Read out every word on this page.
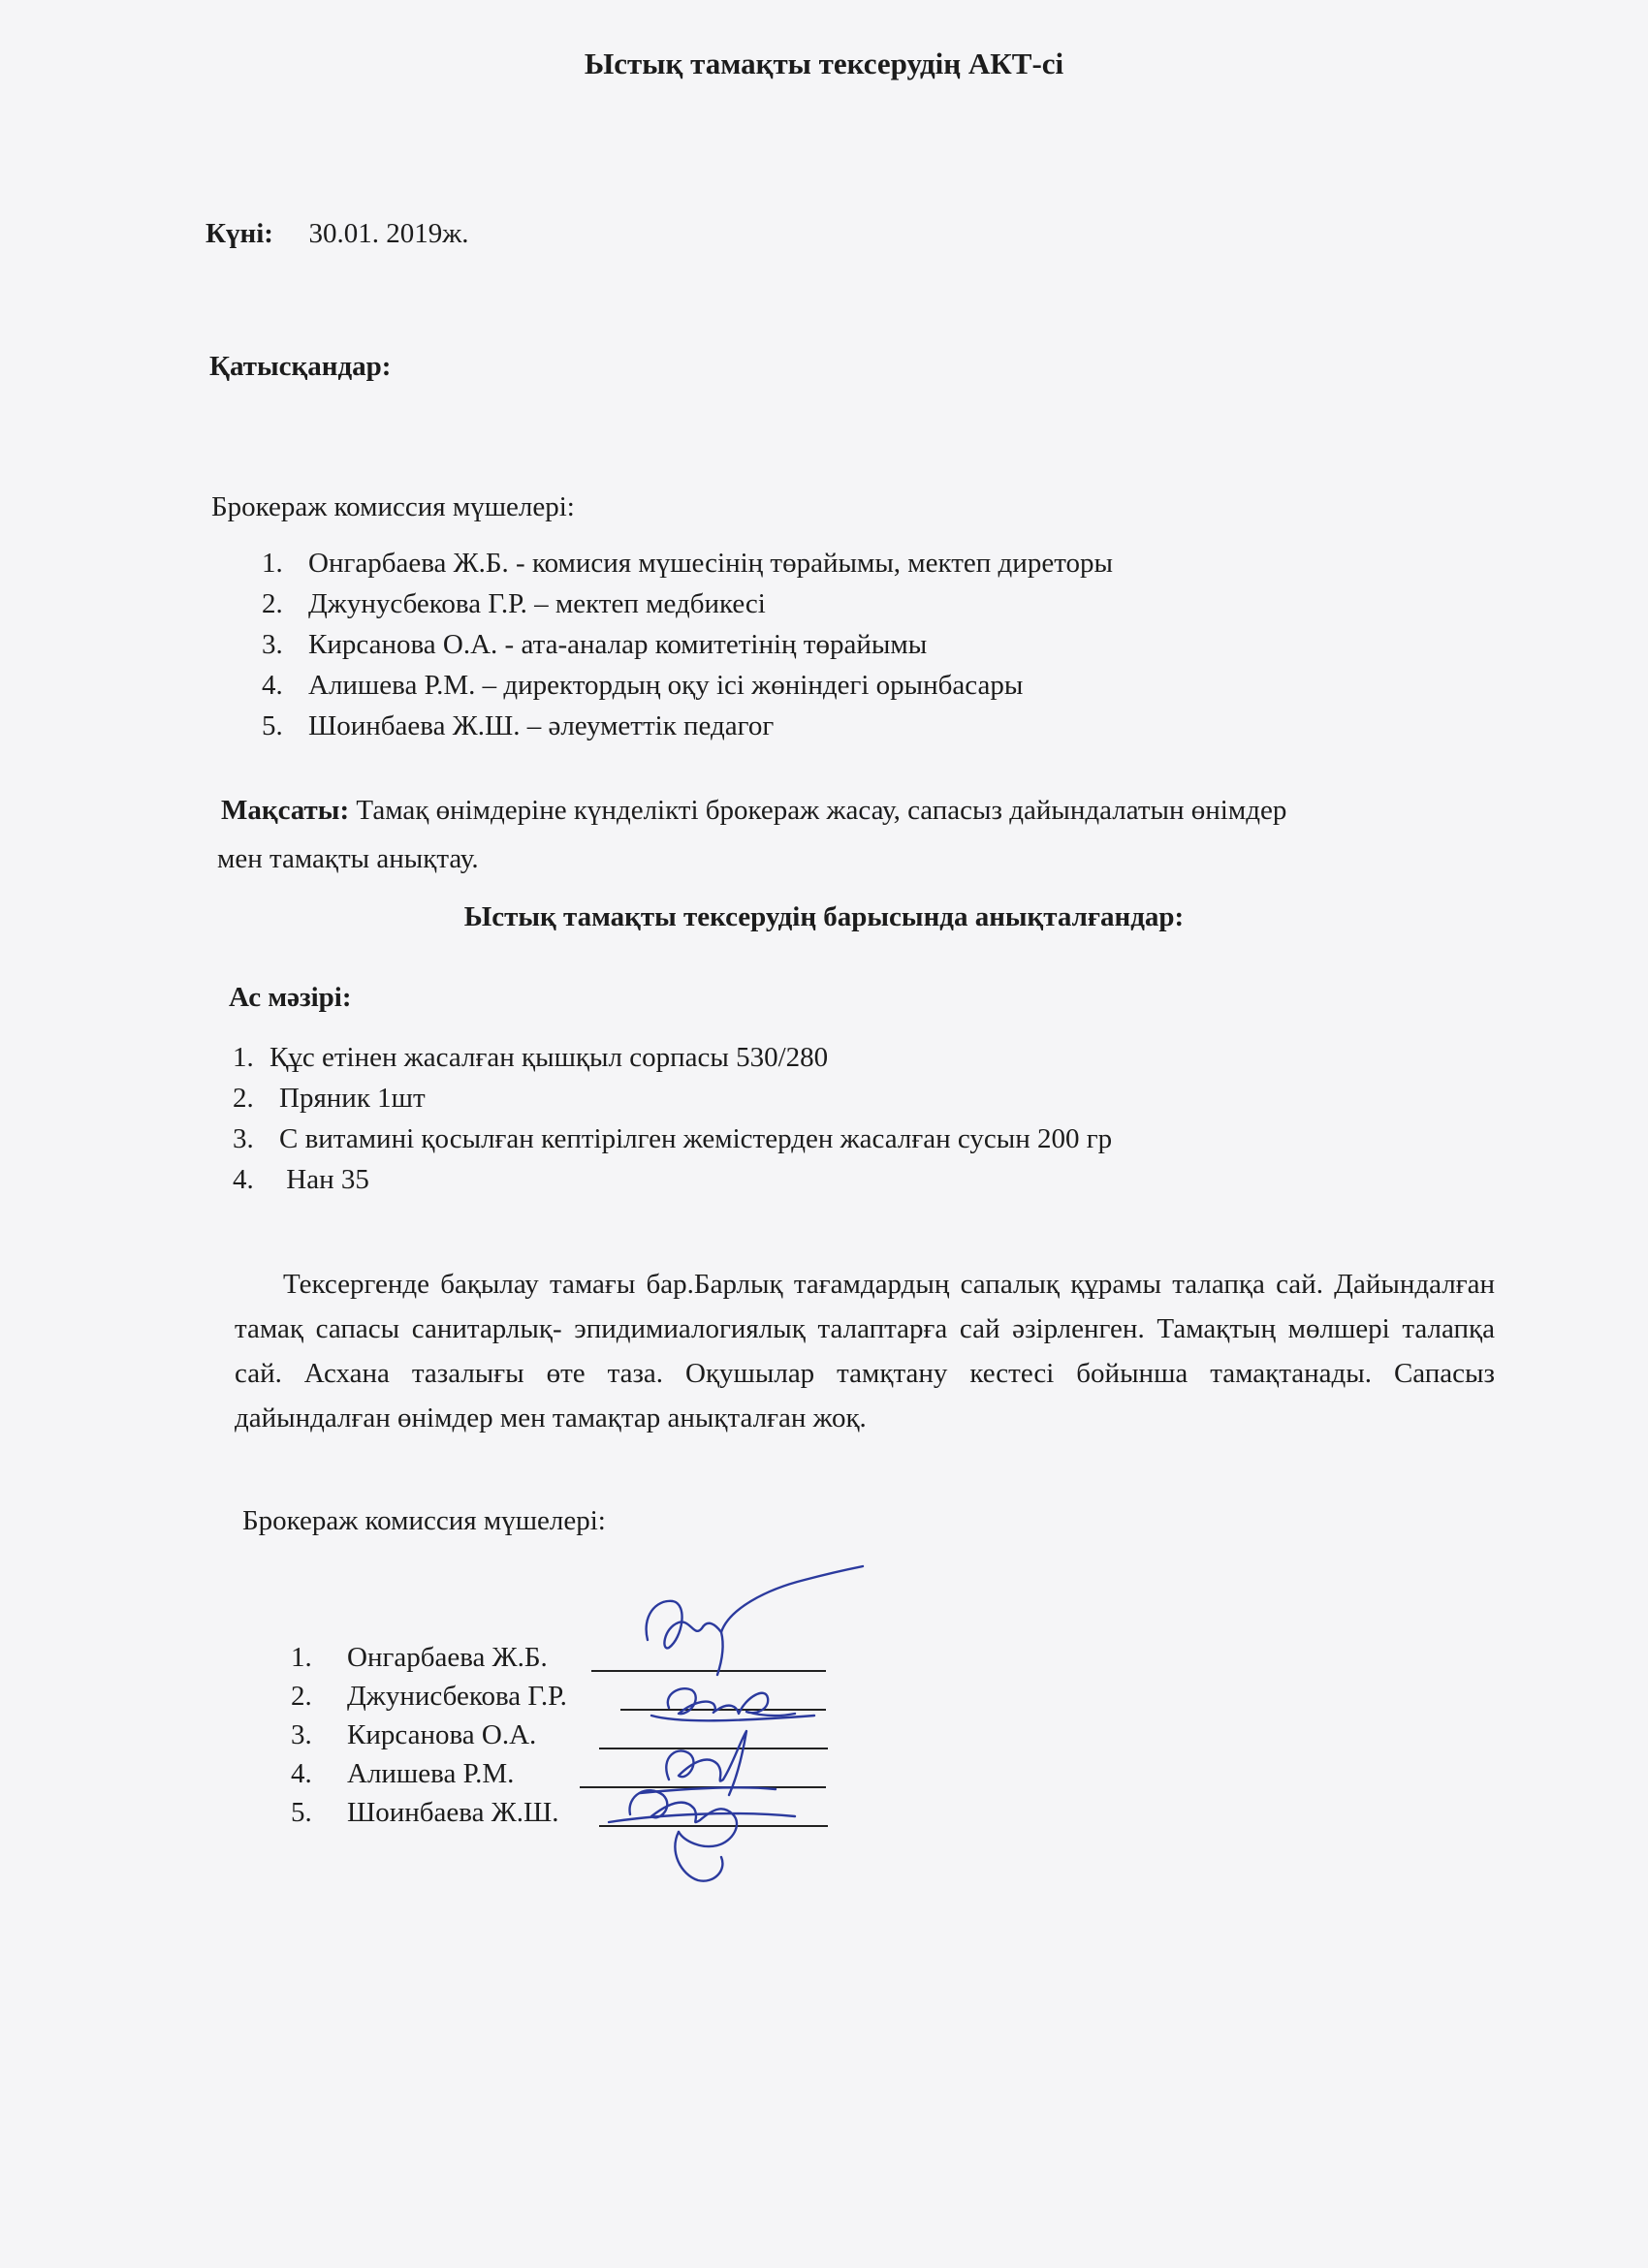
Ыстық тамақты тексерудің АКТ-сі
Күні: 30.01. 2019ж.
Қатысқандар:
Брокераж комиссия мүшелері:
1. Онгарбаева Ж.Б. - комисия мүшесінің төрайымы, мектеп диреторы
2. Джунусбекова Г.Р. – мектеп медбикесі
3. Кирсанова О.А. - ата-аналар комитетінің төрайымы
4. Алишева Р.М. – директордың оқу ісі жөніндегі орынбасары
5. Шоинбаева Ж.Ш. – әлеуметтік педагог
Мақсаты: Тамақ өнімдеріне күнделікті брокераж жасау, сапасыз дайындалатын өнімдер
мен тамақты анықтау.
Ыстық тамақты тексерудің барысында анықталғандар:
Ас мәзірі:
1. Құс етінен жасалған қышқыл сорпасы 530/280
2. Пряник 1шт
3. С витамині қосылған кептірілген жемістерден жасалған сусын 200 гр
4. Нан 35
Тексергенде бақылау тамағы бар.Барлық тағамдардың сапалық құрамы талапқа сай. Дайындалған тамақ сапасы санитарлық- эпидимиалогиялық талаптарға сай әзірленген. Тамақтың мөлшері талапқа сай. Асхана тазалығы өте таза. Оқушылар тамқтану кестесі бойынша тамақтанады. Сапасыз дайындалған өнімдер мен тамақтар анықталған жоқ.
Брокераж комиссия мүшелері:
1. Онгарбаева Ж.Б.
2. Джунисбекова Г.Р.
3. Кирсанова О.А.
4. Алишева Р.М.
5. Шоинбаева Ж.Ш.
